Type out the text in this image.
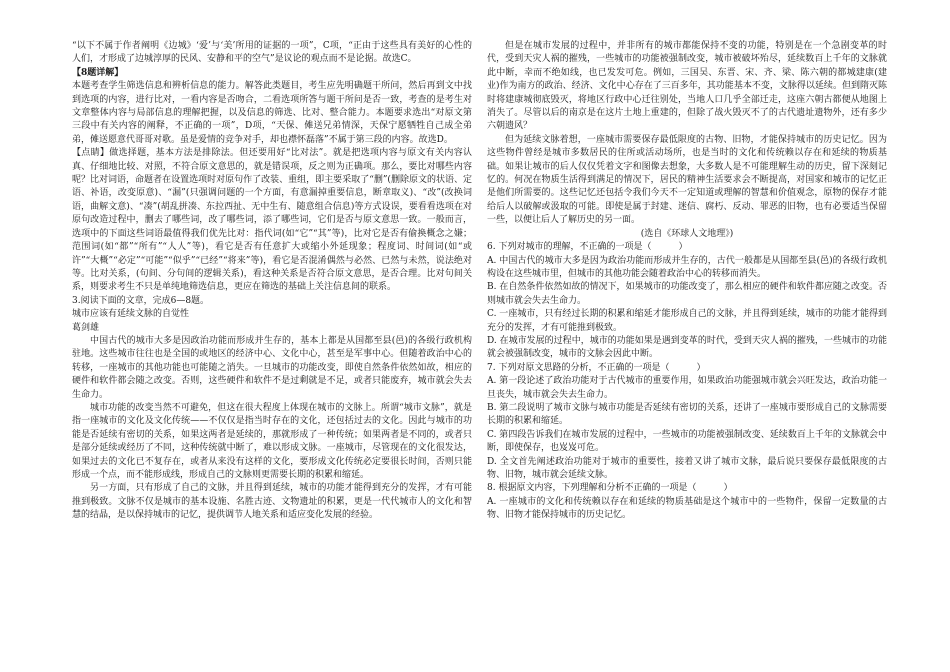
“以下不属于作者阐明《边城》‘爱’与‘美’所用的证据的一项”，C项，“正由于这些具有美好的心性的人们，才形成了边城淳厚的民风、安静和平的空气”是议论的观点而不是论据。故选C。

【8题详解】

本题考查学生筛选信息和辨析信息的能力。解答此类题目，考生应先明确题干所问，然后再到文中找到选项的内容，进行比对，一看内容是否吻合，二看选项所答与题干所问是否一致，考查的是考生对文章整体内容与局部信息的理解把握，以及信息的筛选、比对、整合能力。本题要求选出“对原文第三段中有关内容的阐释，不正确的一项”，D项，“天保、傩送兄弟情深，天保宁愿牺牲自己成全弟弟，傩送愿意代哥哥对歌。虽是爱情的竞争对手，却也襟怀磊落”不属于第三段的内容。故选D。

【点睛】做选择题，基本方法是排除法。但还要用好“比对法”。就是把选项内容与原文有关内容认真、仔细地比较、对照，不符合原文意思的，就是错误项，反之则为正确项。那么，要比对哪些内容呢？比对词语，命题者在设置选项时对原句作了改装、重组，即主要采取了“删”(删除原文的状语、定语、补语，改变原意)、“漏”(只强调问题的一个方面，有意漏掉重要信息，断章取义)、“改”(改换词语，曲解文意)、“凑”(胡乱拼凑、东拉西扯、无中生有、随意组合信息)等方式设误，要看看选项在对原句改造过程中，删去了哪些词，改了哪些词，添了哪些词，它们是否与原文意思一致。一般而言，选项中的下面这些词语最值得我们优先比对：指代词(如“它”“其”等)，比对它是否有偷换概念之嫌；范围词(如“都”“所有”“人人”等)，看它是否有任意扩大或缩小外延现象；程度词、时间词(如“或许”“大概”“必定”“可能”“似乎”“已经”“将来”等)，看它是否混淆偶然与必然、已然与未然，说法绝对等。比对关系，(句间、分句间的逻辑关系)，看这种关系是否符合原文意思，是否合理。比对句间关系，则要求考生不只是单纯地筛选信息，更应在筛选的基础上关注信息间的联系。

3.阅读下面的文章，完成6—8题。

城市应该有延续文脉的自觉性

葛剑雄

中国古代的城市大多是因政治功能而形成并生存的，基本上都是从国都至县(邑)的各级行政机构驻地。这些城市往往也是全国的或地区的经济中心、文化中心，甚至是军事中心。但随着政治中心的转移，一座城市的其他功能也可能随之消失。一旦城市的功能改变，即使自然条件依然如故，相应的硬件和软件都会随之改变。否则，这些硬件和软件不是过剩就是不足，或者只能废弃，城市就会失去生命力。

城市功能的改变当然不可避免，但这在很大程度上体现在城市的文脉上。所谓“城市文脉”，就是指一座城市的文化及文化传统——不仅仅是指当时存在的文化，还包括过去的文化。因此与城市的功能是否延续有密切的关系，如果这两者是延续的，那就形成了一种传统；如果两者是不同的，或者只是部分延续或经历了不同，这种传统就中断了，难以形成文脉。一座城市，尽管现在的文化很发达，如果过去的文化已不复存在，或者从来没有这样的文化，要形成文化传统必定要很长时间，否则只能形成一个点，而不能形成线，形成自己的文脉则更需要长期的积累和缩延。

另一方面，只有形成了自己的文脉，并且得到延续，城市的功能才能得到充分的发挥，才有可能推到极致。文脉不仅是城市的基本设施、名胜古迹、文物遗址的积累，更是一代代城市人的文化和智慧的结晶，是以保持城市的记忆，提供调节人地关系和适应变化发展的经验。

但是在城市发展的过程中，并非所有的城市都能保持不变的功能，特别是在一个急剧变革的时代，受到天灾人祸的摧残，一些城市的功能被强制改变，城市被破坏殆尽，延续数百上千年的文脉就此中断，幸而不绝如线，也已发发可危。例如，三国吴、东晋、宋、齐、梁、陈六朝的都城建康(建业)作为南方的政治、经济、文化中心存在了三百多年，其功能基本不变，文脉得以延续。但到隋灭陈时将建康城彻底毁灭，将地区行政中心迁往别处，当地人口几乎全部迁走，这座六朝古都便从地图上消失了。尽管以后的南京是在这片土地上重建的，但除了战火毁灭不了的古代遗址遗物外，还有多少六朝遗风？

但为延续文脉着想，一座城市需要保存最低限度的古物、旧物，才能保持城市的历史记忆。因为这些物件曾经是城市多数居民的住所或活动场所，也是当时的文化和传统赖以存在和延续的物质基础。如果让城市的后人仅仅凭着文字和图像去想象，大多数人是不可能理解生动的历史，留下深刻记忆的。何况在物质生活得到满足的情况下，居民的精神生活要求会不断提高，对国家和城市的记忆正是他们所需要的。这些记忆还包括令我们今天不一定知道或理解的智慧和价值观念，原物的保存才能给后人以破解或汲取的可能。即使是属于封建、迷信、腐朽、反动、罪恶的旧物，也有必要适当保留一些，以便让后人了解历史的另一面。

(选自《环球人文地理》)

6. 下列对城市的理解，不正确的一项是（　　　）

A. 中国古代的城市大多是因为政治功能而形成并生存的，古代一般都是从国都至县(邑)的各级行政机构设在这些城市里，但城市的其他功能会随着政治中心的转移而消失。

B. 在自然条件依然如故的情况下，如果城市的功能改变了，那么相应的硬件和软件都应随之改变。否则城市就会失去生命力。

C. 一座城市，只有经过长期的积累和缩延才能形成自己的文脉，并且得到延续，城市的功能才能得到充分的发挥，才有可能推到极致。

D. 在城市发展的过程中，城市的功能如果是遇到变革的时代，受到天灾人祸的摧残，一些城市的功能就会被强制改变，城市的文脉会因此中断。

7. 下列对原文思路的分析，不正确的一项是（　　　）

A. 第一段论述了政治功能对于古代城市的重要作用，如果政治功能强城市就会兴旺发达，政治功能一旦丧失，城市就会失去生命力。

B. 第二段说明了城市文脉与城市功能是否延续有密切的关系，还讲了一座城市要形成自己的文脉需要长期的积累和缩延。

C. 第四段告诉我们在城市发展的过程中，一些城市的功能被强制改变、延续数百上千年的文脉就会中断，即使保存，也岌岌可危。

D. 全文首先阐述政治功能对于城市的重要性，接着又讲了城市文脉，最后说只要保存最低限度的古物、旧物，城市就会延续文脉。

8. 根据原文内容，下列理解和分析不正确的一项是（　　　）

A. 一座城市的文化和传统赖以存在和延续的物质基础是这个城市中的一些物件，保留一定数量的古物、旧物才能保持城市的历史记忆。
